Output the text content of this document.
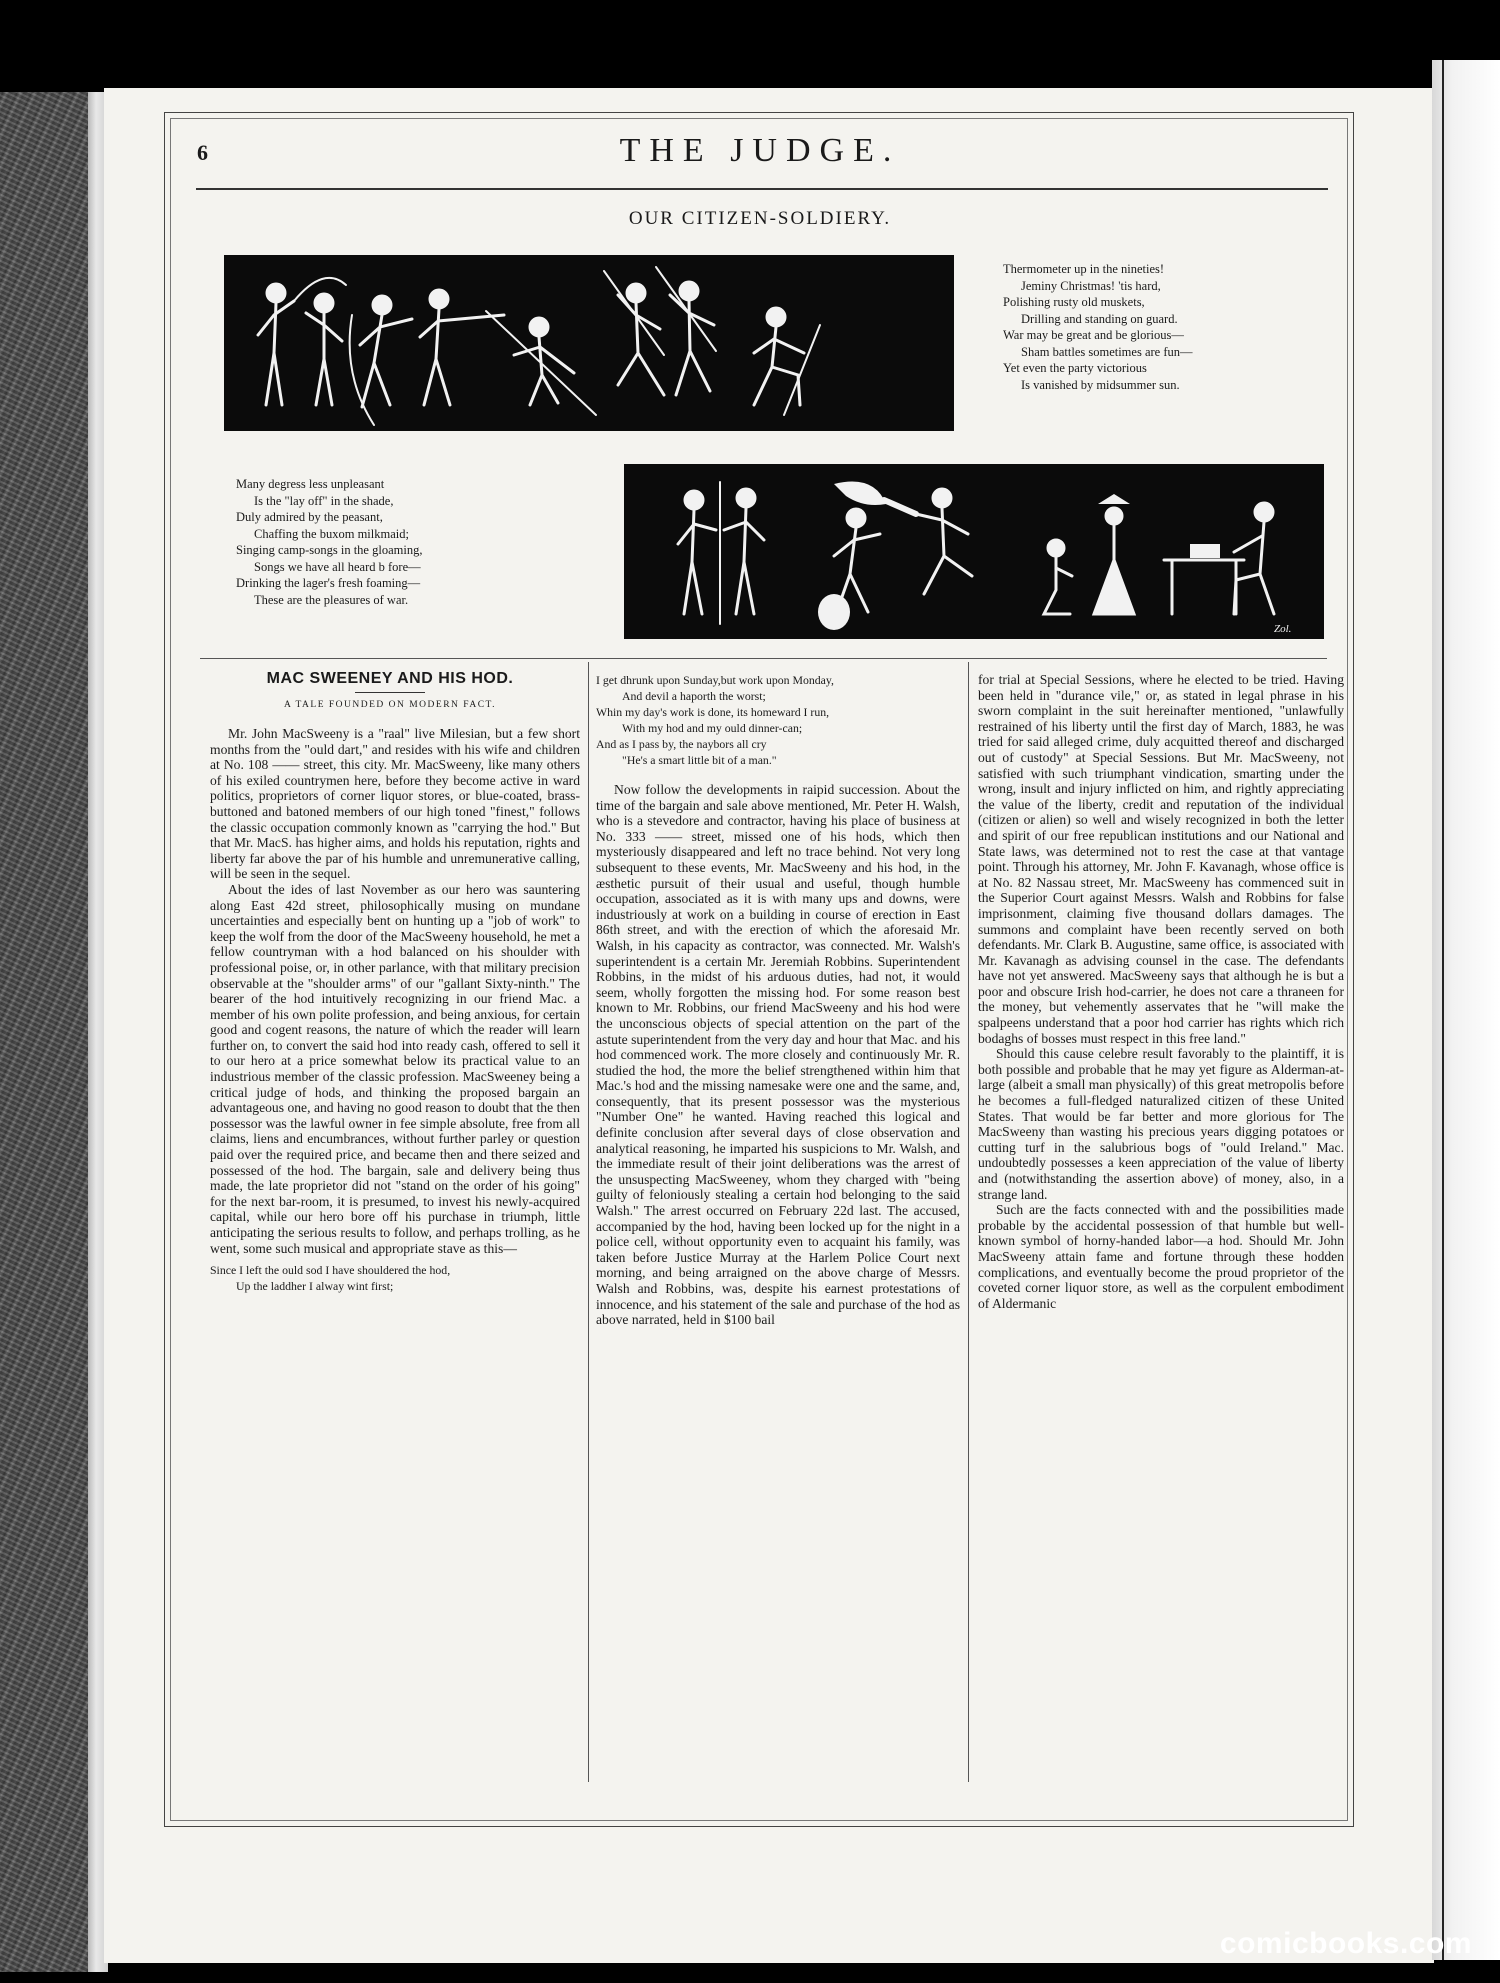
6	THE JUDGE.
OUR CITIZEN-SOLDIERY.
Thermometer up in the nineties!
Jeminy Christmas! 'tis hard,
Polishing rusty old muskets,
Drilling and standing on guard.
War may be great and be glorious—
Sham battles sometimes are fun—
Yet even the party victorious
Is vanished by midsummer sun.
Many degress less unpleasant
Is the "lay off" in the shade,
Duly admired by the peasant,
Chaffing the buxom milkmaid;
Singing camp-songs in the gloaming,
Songs we have all heard b fore—
Drinking the lager's fresh foaming—
These are the pleasures of war.
Zol.
MAC SWEENEY AND HIS HOD.
A TALE FOUNDED ON MODERN FACT.

Mr. John MacSweeny is a "raal" live Milesian, but a few short months from the "ould dart," and resides with his wife and children at No. 108 —— street, this city. Mr. MacSweeny, like many others of his exiled countrymen here, before they become active in ward politics, proprietors of corner liquor stores, or blue-coated, brass-buttoned and batoned members of our high toned "finest," follows the classic occupation commonly known as "carrying the hod." But that Mr. MacS. has higher aims, and holds his reputation, rights and liberty far above the par of his humble and unremunerative calling, will be seen in the sequel.

About the ides of last November as our hero was sauntering along East 42d street, philosophically musing on mundane uncertainties and especially bent on hunting up a "job of work" to keep the wolf from the door of the MacSweeny household, he met a fellow countryman with a hod balanced on his shoulder with professional poise, or, in other parlance, with that military precision observable at the "shoulder arms" of our "gallant Sixty-ninth." The bearer of the hod intuitively recognizing in our friend Mac. a member of his own polite profession, and being anxious, for certain good and cogent reasons, the nature of which the reader will learn further on, to convert the said hod into ready cash, offered to sell it to our hero at a price somewhat below its practical value to an industrious member of the classic profession. MacSweeney being a critical judge of hods, and thinking the proposed bargain an advantageous one, and having no good reason to doubt that the then possessor was the lawful owner in fee simple absolute, free from all claims, liens and encumbrances, without further parley or question paid over the required price, and became then and there seized and possessed of the hod. The bargain, sale and delivery being thus made, the late proprietor did not "stand on the order of his going" for the next bar-room, it is presumed, to invest his newly-acquired capital, while our hero bore off his purchase in triumph, little anticipating the serious results to follow, and perhaps trolling, as he went, some such musical and appropriate stave as this—

Since I left the ould sod I have shouldered the hod,
Up the laddher I alway wint first;
I get dhrunk upon Sunday,but work upon Monday,
And devil a haporth the worst;
Whin my day's work is done, its homeward I run,
With my hod and my ould dinner-can;
And as I pass by, the naybors all cry
"He's a smart little bit of a man."

Now follow the developments in raipid succession. About the time of the bargain and sale above mentioned, Mr. Peter H. Walsh, who is a stevedore and contractor, having his place of business at No. 333 —— street, missed one of his hods, which then mysteriously disappeared and left no trace behind. Not very long subsequent to these events, Mr. MacSweeny and his hod, in the æsthetic pursuit of their usual and useful, though humble occupation, associated as it is with many ups and downs, were industriously at work on a building in course of erection in East 86th street, and with the erection of which the aforesaid Mr. Walsh, in his capacity as contractor, was connected. Mr. Walsh's superintendent is a certain Mr. Jeremiah Robbins. Superintendent Robbins, in the midst of his arduous duties, had not, it would seem, wholly forgotten the missing hod. For some reason best known to Mr. Robbins, our friend MacSweeny and his hod were the unconscious objects of special attention on the part of the astute superintendent from the very day and hour that Mac. and his hod commenced work. The more closely and continuously Mr. R. studied the hod, the more the belief strengthened within him that Mac.'s hod and the missing namesake were one and the same, and, consequently, that its present possessor was the mysterious "Number One" he wanted. Having reached this logical and definite conclusion after several days of close observation and analytical reasoning, he imparted his suspicions to Mr. Walsh, and the immediate result of their joint deliberations was the arrest of the unsuspecting MacSweeney, whom they charged with "being guilty of feloniously stealing a certain hod belonging to the said Walsh." The arrest occurred on February 22d last. The accused, accompanied by the hod, having been locked up for the night in a police cell, without opportunity even to acquaint his family, was taken before Justice Murray at the Harlem Police Court next morning, and being arraigned on the above charge of Messrs. Walsh and Robbins, was, despite his earnest protestations of innocence, and his statement of the sale and purchase of the hod as above narrated, held in $100 bail

for trial at Special Sessions, where he elected to be tried. Having been held in "durance vile," or, as stated in legal phrase in his sworn complaint in the suit hereinafter mentioned, "unlawfully restrained of his liberty until the first day of March, 1883, he was tried for said alleged crime, duly acquitted thereof and discharged out of custody" at Special Sessions. But Mr. MacSweeny, not satisfied with such triumphant vindication, smarting under the wrong, insult and injury inflicted on him, and rightly appreciating the value of the liberty, credit and reputation of the individual (citizen or alien) so well and wisely recognized in both the letter and spirit of our free republican institutions and our National and State laws, was determined not to rest the case at that vantage point. Through his attorney, Mr. John F. Kavanagh, whose office is at No. 82 Nassau street, Mr. MacSweeny has commenced suit in the Superior Court against Messrs. Walsh and Robbins for false imprisonment, claiming five thousand dollars damages. The summons and complaint have been recently served on both defendants. Mr. Clark B. Augustine, same office, is associated with Mr. Kavanagh as advising counsel in the case. The defendants have not yet answered. MacSweeny says that although he is but a poor and obscure Irish hod-carrier, he does not care a thraneen for the money, but vehemently asservates that he "will make the spalpeens understand that a poor hod carrier has rights which rich bodaghs of bosses must respect in this free land."

Should this cause celebre result favorably to the plaintiff, it is both possible and probable that he may yet figure as Alderman-at-large (albeit a small man physically) of this great metropolis before he becomes a full-fledged naturalized citizen of these United States. That would be far better and more glorious for The MacSweeny than wasting his precious years digging potatoes or cutting turf in the salubrious bogs of "ould Ireland." Mac. undoubtedly possesses a keen appreciation of the value of liberty and (notwithstanding the assertion above) of money, also, in a strange land.

Such are the facts connected with and the possibilities made probable by the accidental possession of that humble but well-known symbol of horny-handed labor—a hod. Should Mr. John MacSweeny attain fame and fortune through these hodden complications, and eventually become the proud proprietor of the coveted corner liquor store, as well as the corpulent embodiment of Aldermanic

comicbooks.com
